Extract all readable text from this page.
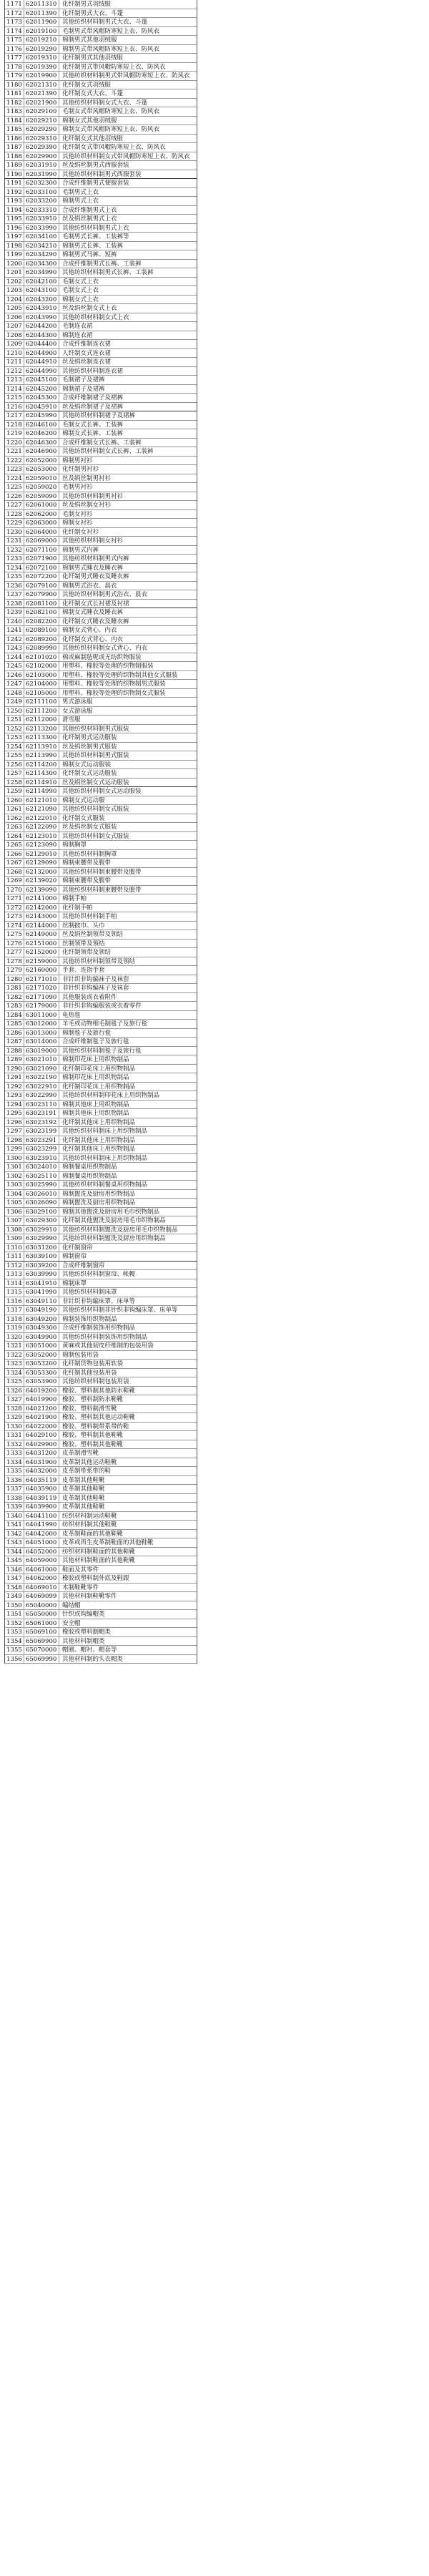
1171 62011310 化纤制男式羽绒服
1172 62011390 化纤制男式大衣、斗篷
1173 62011900 其他纺织材料制男式大衣、斗篷
1174 62019100 毛制男式带风帽防寒短上衣、防风衣
1175 62019210 棉制男式其他羽绒服
1176 62019290 棉制男式带风帽防寒短上衣、防风衣
1177 62019310 化纤制男式其他羽绒服
1178 62019390 化纤制男式带风帽防寒短上衣、防风衣
1179 62019900 其他纺织材料制男式带风帽防寒短上衣、防风衣
1180 62021310 化纤制女式羽绒服
1181 62021390 化纤制女式大衣、斗篷
1182 62021900 其他纺织材料制女式大衣、斗篷
1183 62029100 毛制女式带风帽防寒短上衣、防风衣
1184 62029210 棉制女式其他羽绒服
1185 62029290 棉制女式带风帽防寒短上衣、防风衣
1186 62029310 化纤制女式其他羽绒服
1187 62029390 化纤制女式带风帽防寒短上衣、防风衣
1188 62029900 其他纺织材料制女式带风帽防寒短上衣、防风衣
1189 62031910 丝及绢丝制男式西服套装
1190 62031990 其他纺织材料制男式西服套装
1191 62032300 合成纤维制男式便服套装
1192 62033100 毛制男式上衣
1193 62033200 棉制男式上衣
1194 62033310 合成纤维制男式上衣
1195 62033910 丝及绢丝制男式上衣
1196 62033990 其他纺织材料制男式上衣
1197 62034100 毛制男式长裤、工装裤等
1198 62034210 棉制男式长裤、工装裤
1199 62034290 棉制男式马裤、短裤
1200 62034300 合成纤维制男式长裤、工装裤
1201 62034990 其他纺织材料制男式长裤、工装裤
1202 62042100 毛制女式上衣
1203 62043100 毛制女式上衣
1204 62043200 棉制女式上衣
1205 62043910 丝及绢丝制女式上衣
1206 62043990 其他纺织材料制女式上衣
1207 62044200 毛制连衣裙
1208 62044300 棉制连衣裙
1209 62044400 合成纤维制连衣裙
1210 62044900 人纤制女式连衣裙
1211 62044910 丝及绢丝制连衣裙
1212 62044990 其他纺织材料制连衣裙
1213 62045100 毛制裙子及裙裤
1214 62045200 棉制裙子及裙裤
1215 62045300 合成纤维制裙子及裙裤
1216 62045910 丝及绢丝制裙子及裙裤
1217 62045990 其他纺织材料制裙子及裙裤
1218 62046100 毛制女式长裤、工装裤
1219 62046200 棉制女式长裤、工装裤
1220 62046300 合成纤维制女式长裤、工装裤
1221 62046900 其他纺织材料制女式长裤、工装裤
1222 62052000 棉制男衬衫
1223 62053000 化纤制男衬衫
1224 62059010 丝及绢丝制男衬衫
1225 62059020 毛制男衬衫
1226 62059090 其他纺织材料制男衬衫
1227 62061000 丝及绢丝制女衬衫
1228 62062000 毛制女衬衫
1229 62063000 棉制女衬衫
1230 62064000 化纤制女衬衫
1231 62069000 其他纺织材料制女衬衫
1232 62071100 棉制男式内裤
1233 62071900 其他纺织材料制男式内裤
1234 62072100 棉制男式睡衣及睡衣裤
1235 62072200 化纤制男式睡衣及睡衣裤
1236 62079100 棉制男式浴衣、晨衣
1237 62079900 其他纺织材料制男式浴衣、晨衣
1238 62081100 化纤制女式长衬裙及衬裙
1239 62082100 棉制女式睡衣及睡衣裤
1240 62082200 化纤制女式睡衣及睡衣裤
1241 62089100 棉制女式背心、内衣
1242 62089200 化纤制女式背心、内衣
1243 62089990 其他纺织材料制女式背心、内衣
1244 62101020 棉或麻制毡呢或无纺织物服装
1245 62102000 用塑料、橡胶等处理的织物制服装
1246 62103000 用塑料、橡胶等处理的织物制其他女式服装
1247 62104000 用塑料、橡胶等处理的织物制男式服装
1248 62105000 用塑料、橡胶等处理的织物制女式服装
1249 62111100 男式游泳服
1250 62111200 女式游泳服
1251 62112000 滑雪服
1252 62113200 其他纺织材料制男式服装
1253 62113300 化纤制男式运动服装
1254 62113910 丝及绢丝制男式服装
1255 62113990 其他纺织材料制男式服装
1256 62114200 棉制女式运动服装
1257 62114300 化纤制女式运动服装
1258 62114910 丝及绢丝制女式运动服装
1259 62114990 其他纺织材料制女式运动服装
1260 62121010 棉制女式运动服
1261 62121090 其他纺织材料制女式服装
1262 62122010 化纤制女式服装
1263 62122090 丝及绢丝制女式服装
1264 62123010 其他纺织材料制女式服装
1265 62123090 棉制胸罩
1266 62129010 其他纺织材料制胸罩
1267 62129090 棉制束腰带及腹带
1268 62132000 其他纺织材料制束腰带及腹带
1269 62139020 棉制束腰带及腹带
1270 62139090 其他纺织材料制束腰带及腹带
1271 62141000 棉制手帕
1272 62142000 化纤制手帕
1273 62143000 其他纺织材料制手帕
1274 62144000 丝制披巾、头巾
1275 62149000 丝及绢丝制领带及领结
1276 62151000 丝制领带及领结
1277 62152000 化纤制领带及领结
1278 62159000 其他纺织材料制领带及领结
1279 62160000 手套、连指手套
1280 62171010 非针织非钩编袜子及袜套
1281 62171020 非针织非钩编袜子及袜套
1282 62171090 其他服装或衣着附件
1283 62179000 非针织非钩编服装或衣着零件
1284 63011000 电热毯
1285 63012000 羊毛或动物细毛制毯子及旅行毯
1286 63013000 棉制毯子及旅行毯
1287 63014000 合成纤维制毯子及旅行毯
1288 63019000 其他纺织材料制毯子及旅行毯
1289 63021010 棉制印花床上用织物制品
1290 63021090 化纤制印花床上用织物制品
1291 63022190 棉制印花床上用织物制品
1292 63022910 化纤制印花床上用织物制品
1293 63022990 其他纺织材料制印花床上用织物制品
1294 63023110 棉制其他床上用织物制品
1295 63023191 棉制其他床上用织物制品
1296 63023192 化纤制其他床上用织物制品
1297 63023199 其他纺织材料制床上用织物制品
1298 63023291 化纤制其他床上用织物制品
1299 63023299 化纤制其他床上用织物制品
1300 63023910 其他纺织材料制床上用织物制品
1301 63024010 棉制餐桌用织物制品
1302 63025110 棉制餐桌用织物制品
1303 63025990 其他纺织材料制餐桌用织物制品
1304 63026010 棉制盥洗及厨房用织物制品
1305 63026090 棉制盥洗及厨房用织物制品
1306 63029100 棉制其他盥洗及厨房用毛巾织物制品
1307 63029300 化纤制其他盥洗及厨房用毛巾织物制品
1308 63029910 其他纺织材料制盥洗及厨房用毛巾织物制品
1309 63029990 其他纺织材料制盥洗及厨房用织物制品
1310 63031200 化纤制窗帘
1311 63039100 棉制窗帘
1312 63039200 合成纤维制窗帘
1313 63039990 其他纺织材料制窗帘、帐幔
1314 63041910 棉制床罩
1315 63041990 其他纺织材料制床罩
1316 63049110 非针织非钩编床罩、床单等
1317 63049190 其他纺织材料制非针织非钩编床罩、床单等
1318 63049200 棉制装饰用织物制品
1319 63049300 合成纤维制装饰用织物制品
1320 63049900 其他纺织材料制装饰用织物制品
1321 63051000 黄麻或其他韧皮纤维制的包装用袋
1322 63052000 棉制包装用袋
1323 63053200 化纤制货物包装用软袋
1324 63053300 化纤制其他包装用袋
1325 63053900 其他纺织材料制包装用袋
1326 64019200 橡胶、塑料制其他防水鞋靴
1327 64019900 橡胶、塑料制防水鞋靴
1328 64021200 橡胶、塑料制滑雪靴
1329 64021900 橡胶、塑料制其他运动鞋靴
1330 64022000 橡胶、塑料制带系带的鞋
1331 64029100 橡胶、塑料制其他鞋靴
1332 64029900 橡胶、塑料制其他鞋靴
1333 64031200 皮革制滑雪靴
1334 64031900 皮革制其他运动鞋靴
1335 64032000 皮革制带系带的鞋
1336 64035119 皮革制其他鞋靴
1337 64035900 皮革制其他鞋靴
1338 64039119 皮革制其他鞋靴
1339 64039900 皮革制其他鞋靴
1340 64041100 纺织材料制运动鞋靴
1341 64041990 纺织材料制其他鞋靴
1342 64042000 皮革制鞋面的其他鞋靴
1343 64051000 皮革或再生皮革制鞋面的其他鞋靴
1344 64052000 纺织材料制鞋面的其他鞋靴
1345 64059000 其他材料制鞋面的其他鞋靴
1346 64061000 鞋面及其零件
1347 64062000 橡胶或塑料制外底及鞋跟
1348 64069010 木制鞋靴零件
1349 64069099 其他材料制鞋靴零件
1350 65040000 编结帽
1351 65050000 针织或钩编帽类
1352 65061000 安全帽
1353 65069100 橡胶或塑料制帽类
1354 65069900 其他材料制帽类
1355 65070000 帽圈、帽衬、帽套等
1356 65069990 其他材料制的头衣帽类
